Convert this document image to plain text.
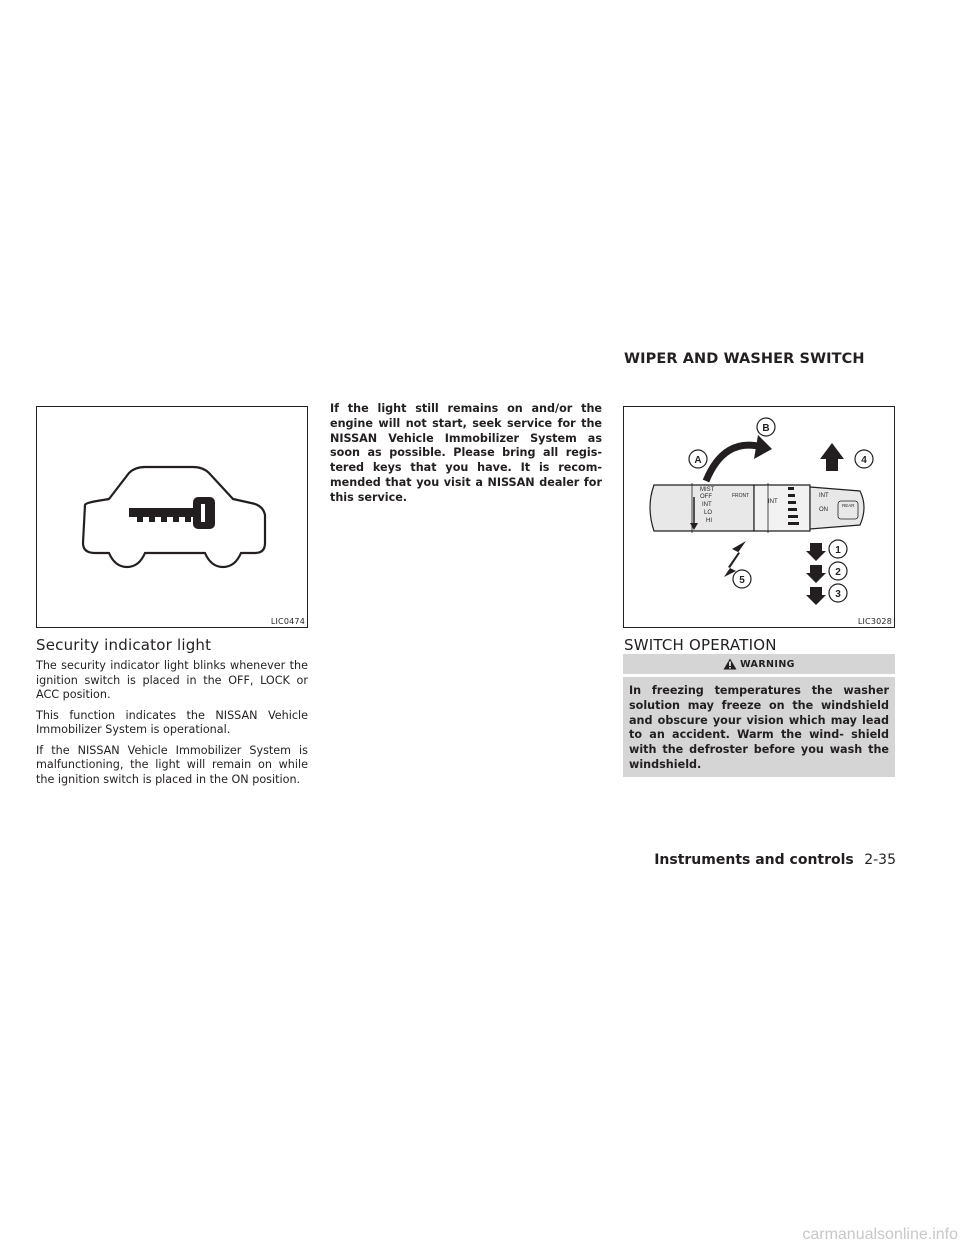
WIPER AND WASHER SWITCH
LIC0474
Security indicator light

The security indicator light blinks whenever the ignition switch is placed in the OFF, LOCK or ACC position.

This function indicates the NISSAN Vehicle Immobilizer System is operational.

If the NISSAN Vehicle Immobilizer System is malfunctioning, the light will remain on while the ignition switch is placed in the ON position.

If the light still remains on and/or the engine will not start, seek service for the NISSAN Vehicle Immobilizer System as soon as possible. Please bring all regis- tered keys that you have. It is recom- mended that you visit a NISSAN dealer for this service.
MIST
OFF
INT
LO
HI
FRONT
INT
INT
ON
REAR
A
B
4
1
2
3
5
LIC3028
SWITCH OPERATION
WARNING
In freezing temperatures the washer solution may freeze on the windshield and obscure your vision which may lead to an accident. Warm the wind- shield with the defroster before you wash the windshield.
Instruments and controls 2-35
carmanualsonline.info
